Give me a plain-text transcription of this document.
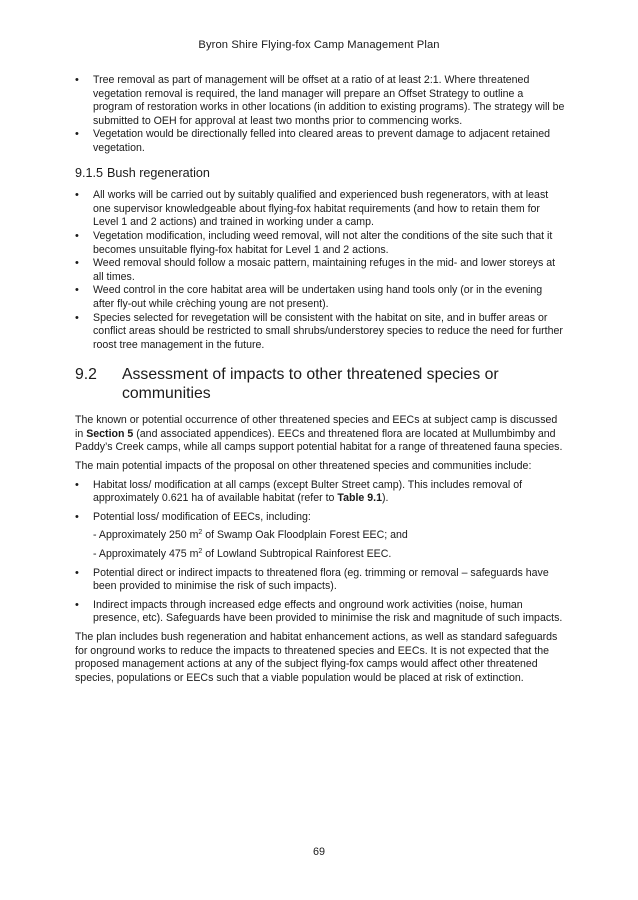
Byron Shire Flying-fox Camp Management Plan
• Tree removal as part of management will be offset at a ratio of at least 2:1. Where threatened vegetation removal is required, the land manager will prepare an Offset Strategy to outline a program of restoration works in other locations (in addition to existing programs). The strategy will be submitted to OEH for approval at least two months prior to commencing works.
• Vegetation would be directionally felled into cleared areas to prevent damage to adjacent retained vegetation.
9.1.5 Bush regeneration
• All works will be carried out by suitably qualified and experienced bush regenerators, with at least one supervisor knowledgeable about flying-fox habitat requirements (and how to retain them for Level 1 and 2 actions) and trained in working under a camp.
• Vegetation modification, including weed removal, will not alter the conditions of the site such that it becomes unsuitable flying-fox habitat for Level 1 and 2 actions.
• Weed removal should follow a mosaic pattern, maintaining refuges in the mid- and lower storeys at all times.
• Weed control in the core habitat area will be undertaken using hand tools only (or in the evening after fly-out while crèching young are not present).
• Species selected for revegetation will be consistent with the habitat on site, and in buffer areas or conflict areas should be restricted to small shrubs/understorey species to reduce the need for further roost tree management in the future.
9.2	Assessment of impacts to other threatened species or communities

The known or potential occurrence of other threatened species and EECs at subject camp is discussed in Section 5 (and associated appendices). EECs and threatened flora are located at Mullumbimby and Paddy’s Creek camps, while all camps support potential habitat for a range of threatened fauna species.

The main potential impacts of the proposal on other threatened species and communities include:

• Habitat loss/ modification at all camps (except Bulter Street camp). This includes removal of approximately 0.621 ha of available habitat (refer to Table 9.1).
• Potential loss/ modification of EECs, including:
- Approximately 250 $m^2$ of Swamp Oak Floodplain Forest EEC; and
- Approximately 475 $m^2$ of Lowland Subtropical Rainforest EEC.
• Potential direct or indirect impacts to threatened flora (eg. trimming or removal – safeguards have been provided to minimise the risk of such impacts).
• Indirect impacts through increased edge effects and onground work activities (noise, human presence, etc). Safeguards have been provided to minimise the risk and magnitude of such impacts.

The plan includes bush regeneration and habitat enhancement actions, as well as standard safeguards for onground works to reduce the impacts to threatened species and EECs. It is not expected that the proposed management actions at any of the subject flying-fox camps would affect other threatened species, populations or EECs such that a viable population would be placed at risk of extinction.

69
